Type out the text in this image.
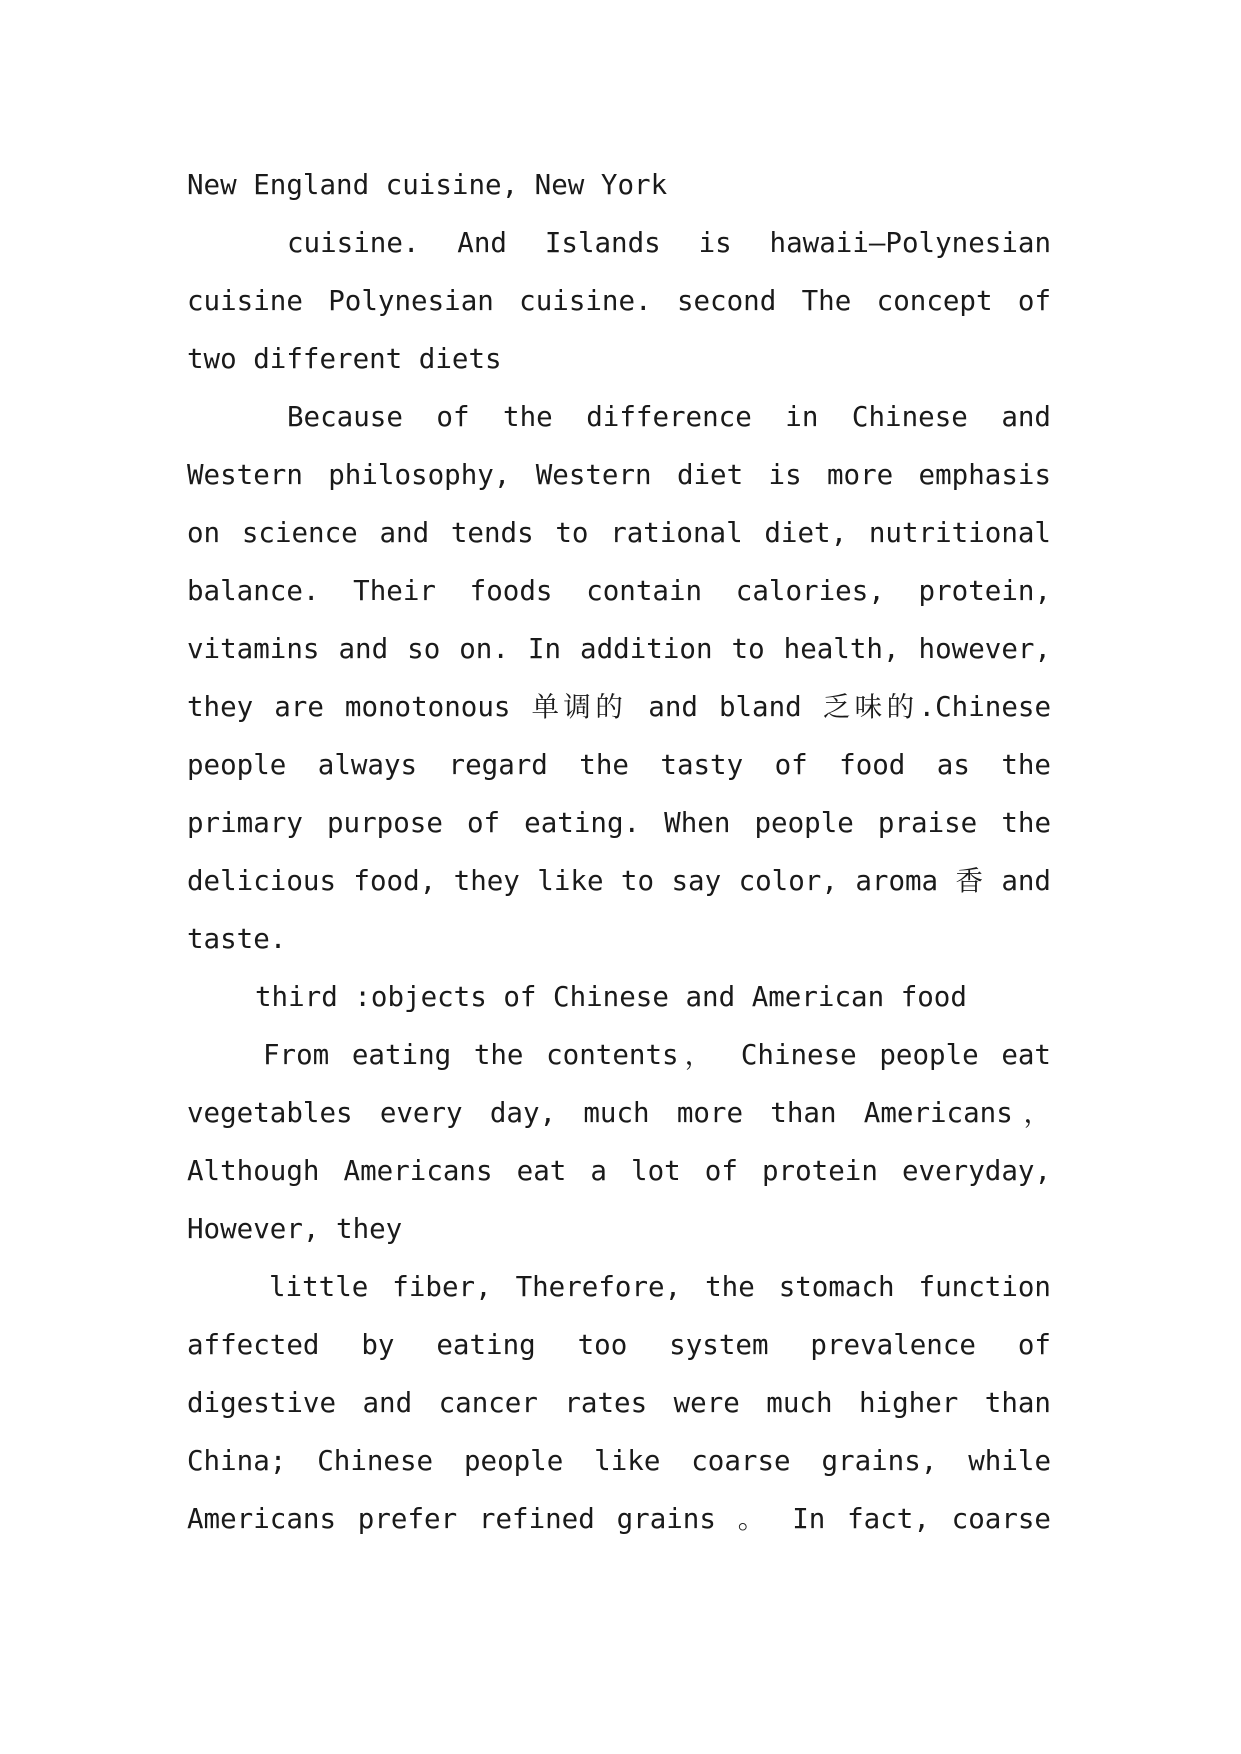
New England cuisine, New York
cuisine. And Islands is hawaii—Polynesian
cuisine Polynesian cuisine. second The concept of
two different diets
Because of the difference in Chinese and
Western philosophy, Western diet is more emphasis
on science and tends to rational diet, nutritional
balance. Their foods contain calories, protein,
vitamins and so on. In addition to health, however,
they are monotonous 单调的 and bland 乏味的.Chinese
people always regard the tasty of food as the
primary purpose of eating. When people praise the
delicious food, they like to say color, aroma 香 and
taste.
third :objects of Chinese and American food
From eating the contents， Chinese people eat
vegetables every day, much more than Americans，
Although Americans eat a lot of protein everyday,
However, they
little fiber, Therefore, the stomach function
affected by eating too system prevalence of
digestive and cancer rates were much higher than
China; Chinese people like coarse grains, while
Americans prefer refined grains 。 In fact, coarse
